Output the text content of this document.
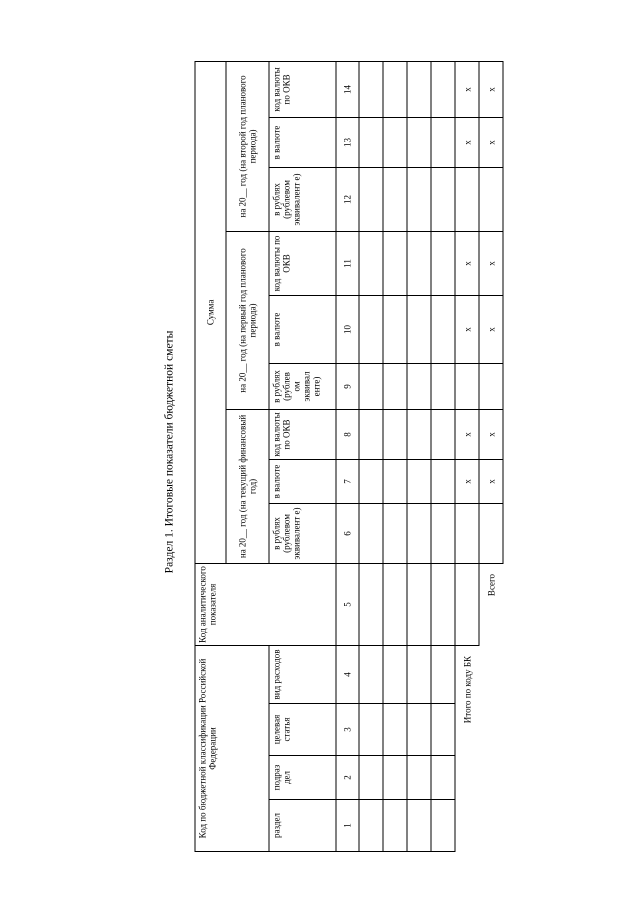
Раздел 1. Итоговые показатели бюджетной сметы
Код по бюджетной классификации Российской Федерации				Код аналитического показателя	Сумма								
					на 20__ год (на текущий финансовый год)			на 20__ год (на первый год планового периода)			на 20__ год (на второй год планового периода)		
раздел	подраз дел	целевая статья	вид расходов		в рублях (рублевом эквивалент е)	в валюте	код валюты по ОКВ	в рублях (рублев ом эквивал енте)	в валюте	код валюты по ОКВ	в рублях (рублевом эквивалент е)	в валюте	код валюты по ОКВ
1	2	3	4	5	6	7	8	9	10	11	12	13	14

Итого по коду БК						x	x		x	x		x	x
				Всего		x	x		x	x		x	x
